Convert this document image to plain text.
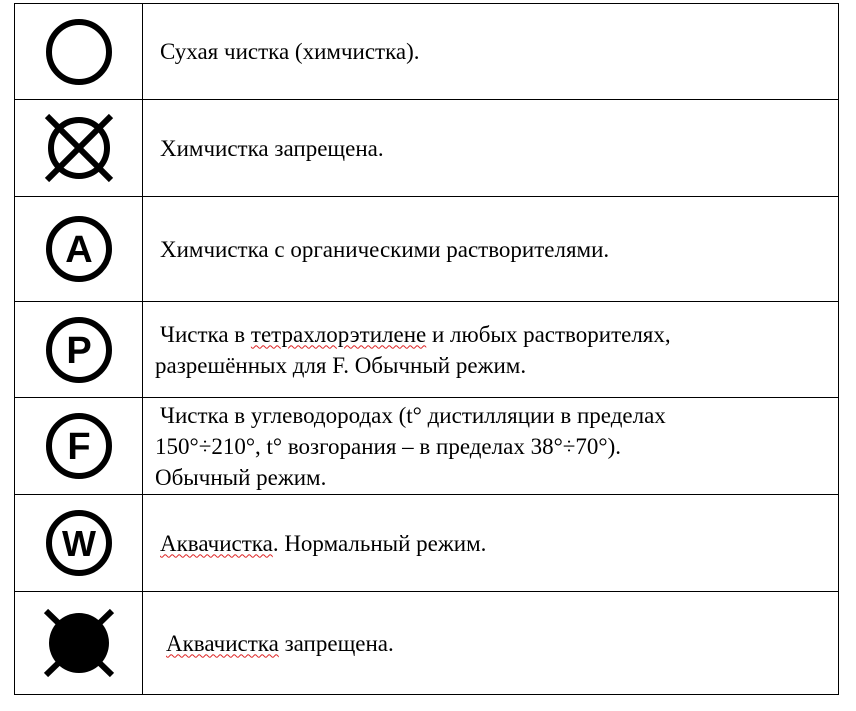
	Сухая чистка (химчистка).

	Химчистка запрещена.

A	Химчистка с органическими растворителями.

P	Чистка в тетрахлорэтилене и любых растворителях,
разрешённых для F. Обычный режим.

F	Чистка в углеводородах (t° дистилляции в пределах
150°÷210°, t° возгорания – в пределах 38°÷70°).
Обычный режим.

W	Аквачистка. Нормальный режим.

	Аквачистка запрещена.
